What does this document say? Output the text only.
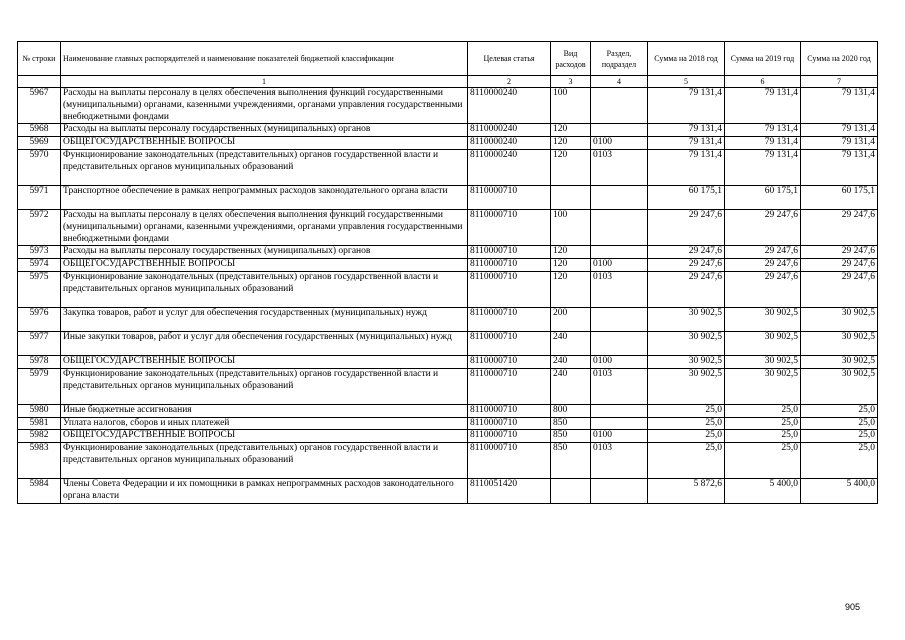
№ строки	Наименование главных распорядителей и наименование показателей бюджетной классификации	Целевая статья	Вид расходов	Раздел, подраздел	Сумма на 2018 год	Сумма на 2019 год	Сумма на 2020 год
	1	2	3	4	5	6	7
5967	Расходы на выплаты персоналу в целях обеспечения выполнения функций государственными (муниципальными) органами, казенными учреждениями, органами управления государственными внебюджетными фондами	8110000240	100		79 131,4	79 131,4	79 131,4
5968	Расходы на выплаты персоналу государственных (муниципальных) органов	8110000240	120		79 131,4	79 131,4	79 131,4
5969	ОБЩЕГОСУДАРСТВЕННЫЕ ВОПРОСЫ	8110000240	120	0100	79 131,4	79 131,4	79 131,4
5970	Функционирование законодательных (представительных) органов государственной власти и представительных органов муниципальных образований	8110000240	120	0103	79 131,4	79 131,4	79 131,4
5971	Транспортное обеспечение в рамках непрограммных расходов законодательного органа власти	8110000710			60 175,1	60 175,1	60 175,1
5972	Расходы на выплаты персоналу в целях обеспечения выполнения функций государственными (муниципальными) органами, казенными учреждениями, органами управления государственными внебюджетными фондами	8110000710	100		29 247,6	29 247,6	29 247,6
5973	Расходы на выплаты персоналу государственных (муниципальных) органов	8110000710	120		29 247,6	29 247,6	29 247,6
5974	ОБЩЕГОСУДАРСТВЕННЫЕ ВОПРОСЫ	8110000710	120	0100	29 247,6	29 247,6	29 247,6
5975	Функционирование законодательных (представительных) органов государственной власти и представительных органов муниципальных образований	8110000710	120	0103	29 247,6	29 247,6	29 247,6
5976	Закупка товаров, работ и услуг для обеспечения государственных (муниципальных) нужд	8110000710	200		30 902,5	30 902,5	30 902,5
5977	Иные закупки товаров, работ и услуг для обеспечения государственных (муниципальных) нужд	8110000710	240		30 902,5	30 902,5	30 902,5
5978	ОБЩЕГОСУДАРСТВЕННЫЕ ВОПРОСЫ	8110000710	240	0100	30 902,5	30 902,5	30 902,5
5979	Функционирование законодательных (представительных) органов государственной власти и представительных органов муниципальных образований	8110000710	240	0103	30 902,5	30 902,5	30 902,5
5980	Иные бюджетные ассигнования	8110000710	800		25,0	25,0	25,0
5981	Уплата налогов, сборов и иных платежей	8110000710	850		25,0	25,0	25,0
5982	ОБЩЕГОСУДАРСТВЕННЫЕ ВОПРОСЫ	8110000710	850	0100	25,0	25,0	25,0
5983	Функционирование законодательных (представительных) органов государственной власти и представительных органов муниципальных образований	8110000710	850	0103	25,0	25,0	25,0
5984	Члены Совета Федерации и их помощники в рамках непрограммных расходов законодательного органа власти	8110051420			5 872,6	5 400,0	5 400,0
905
